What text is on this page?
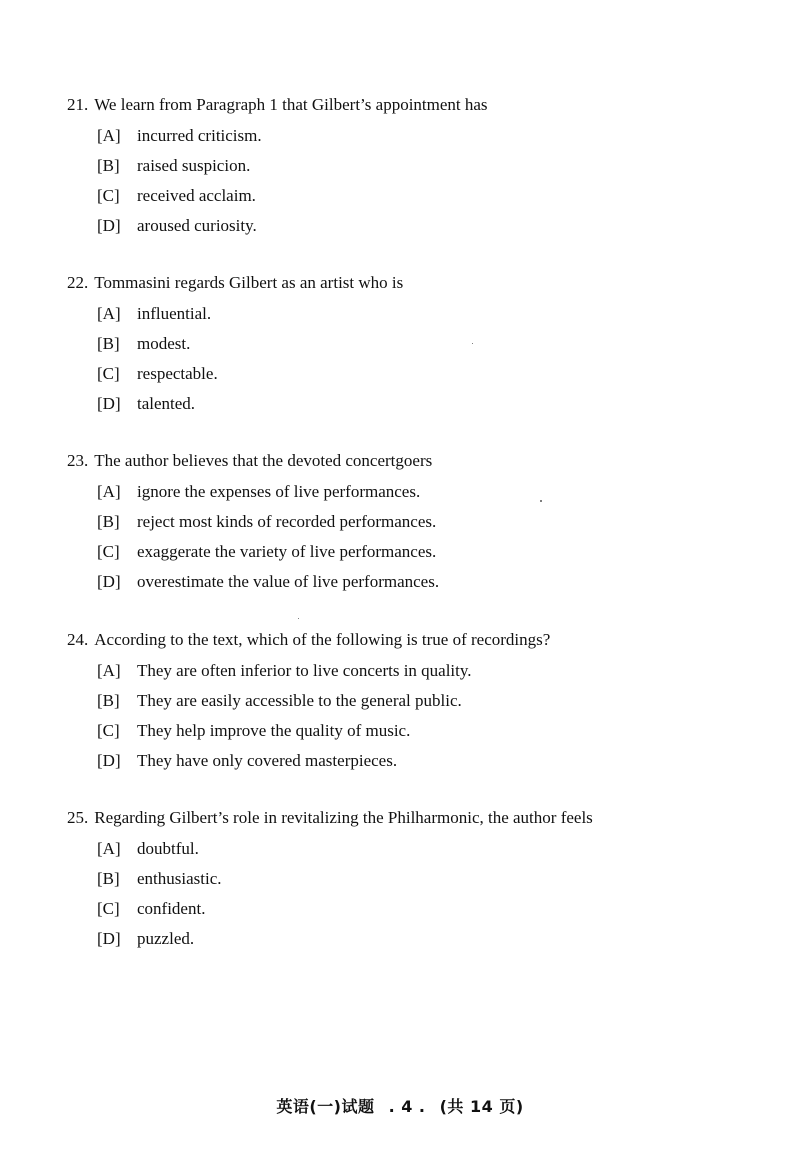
21. We learn from Paragraph 1 that Gilbert’s appointment has
[A] incurred criticism.
[B] raised suspicion.
[C] received acclaim.
[D] aroused curiosity.
22. Tommasini regards Gilbert as an artist who is
[A] influential.
[B] modest.
[C] respectable.
[D] talented.
23. The author believes that the devoted concertgoers
[A] ignore the expenses of live performances.
[B] reject most kinds of recorded performances.
[C] exaggerate the variety of live performances.
[D] overestimate the value of live performances.
24. According to the text, which of the following is true of recordings?
[A] They are often inferior to live concerts in quality.
[B] They are easily accessible to the general public.
[C] They help improve the quality of music.
[D] They have only covered masterpieces.
25. Regarding Gilbert’s role in revitalizing the Philharmonic, the author feels
[A] doubtful.
[B] enthusiastic.
[C] confident.
[D] puzzled.
英语(一)试题 . 4 . (共 14 页)
